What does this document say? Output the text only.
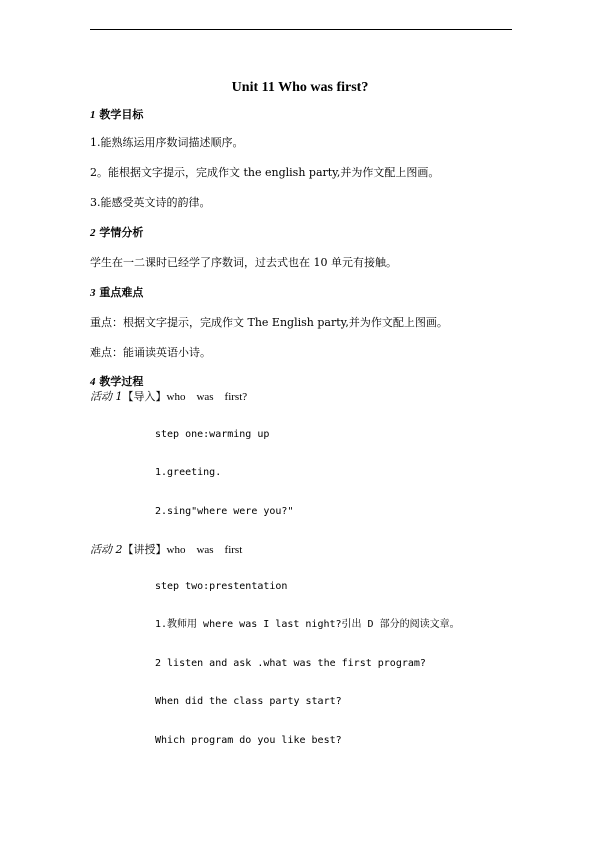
Unit 11 Who was first?
1 教学目标
1.能熟练运用序数词描述顺序。
2。能根据文字提示，完成作文 the english party,并为作文配上图画。
3.能感受英文诗的韵律。
2 学情分析
学生在一二课时已经学了序数词，过去式也在 10 单元有接触。
3 重点难点
重点：根据文字提示，完成作文 The English party,并为作文配上图画。
难点：能诵读英语小诗。
4 教学过程
活动 1【导入】who　was　first?
step one:warming up
1.greeting.
2.sing"where were you?"
活动 2【讲授】who　was　first
step two:prestentation
1.教师用 where was I last night?引出 D 部分的阅读文章。
2 listen and ask .what was the first program?
When did the class party start?
Which program do you like best?
